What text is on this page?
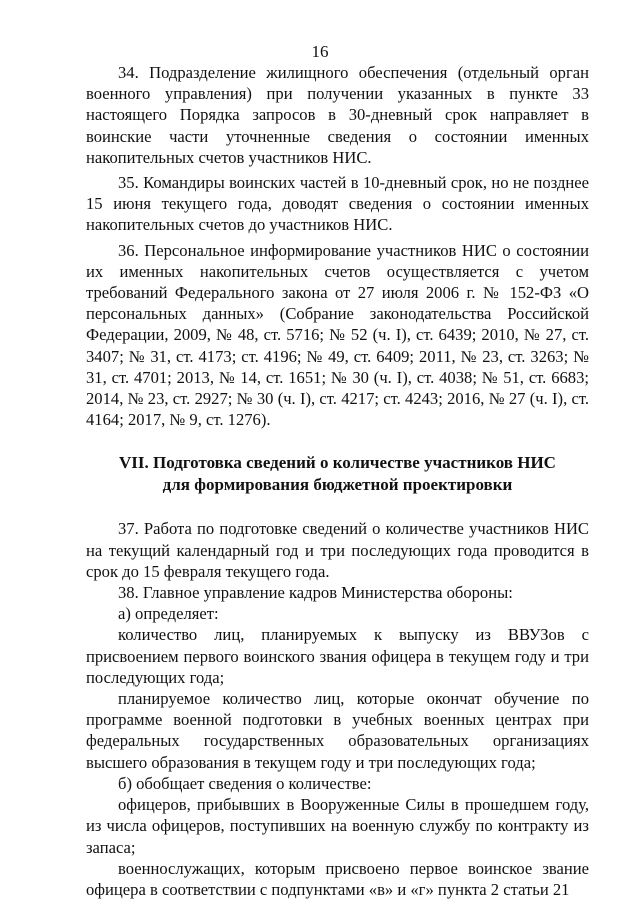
16

34. Подразделение жилищного обеспечения (отдельный орган военного управления) при получении указанных в пункте 33 настоящего Порядка запросов в 30-дневный срок направляет в воинские части уточненные сведения о состоянии именных накопительных счетов участников НИС.

35. Командиры воинских частей в 10-дневный срок, но не позднее 15 июня текущего года, доводят сведения о состоянии именных накопительных счетов до участников НИС.

36. Персональное информирование участников НИС о состоянии их именных накопительных счетов осуществляется с учетом требований Федерального закона от 27 июля 2006 г. № 152-ФЗ «О персональных данных» (Собрание законодательства Российской Федерации, 2009, № 48, ст. 5716; № 52 (ч. I), ст. 6439; 2010, № 27, ст. 3407; № 31, ст. 4173; ст. 4196; № 49, ст. 6409; 2011, № 23, ст. 3263; № 31, ст. 4701; 2013, № 14, ст. 1651; № 30 (ч. I), ст. 4038; № 51, ст. 6683; 2014, № 23, ст. 2927; № 30 (ч. I), ст. 4217; ст. 4243; 2016, № 27 (ч. I), ст. 4164; 2017, № 9, ст. 1276).

VII. Подготовка сведений о количестве участников НИС
для формирования бюджетной проектировки

37. Работа по подготовке сведений о количестве участников НИС на текущий календарный год и три последующих года проводится в срок до 15 февраля текущего года.

38. Главное управление кадров Министерства обороны:

а) определяет:

количество лиц, планируемых к выпуску из ВВУЗов с присвоением первого воинского звания офицера в текущем году и три последующих года;

планируемое количество лиц, которые окончат обучение по программе военной подготовки в учебных военных центрах при федеральных государственных образовательных организациях высшего образования в текущем году и три последующих года;

б) обобщает сведения о количестве:

офицеров, прибывших в Вооруженные Силы в прошедшем году, из числа офицеров, поступивших на военную службу по контракту из запаса;

военнослужащих, которым присвоено первое воинское звание офицера в соответствии с подпунктами «в» и «г» пункта 2 статьи 21
